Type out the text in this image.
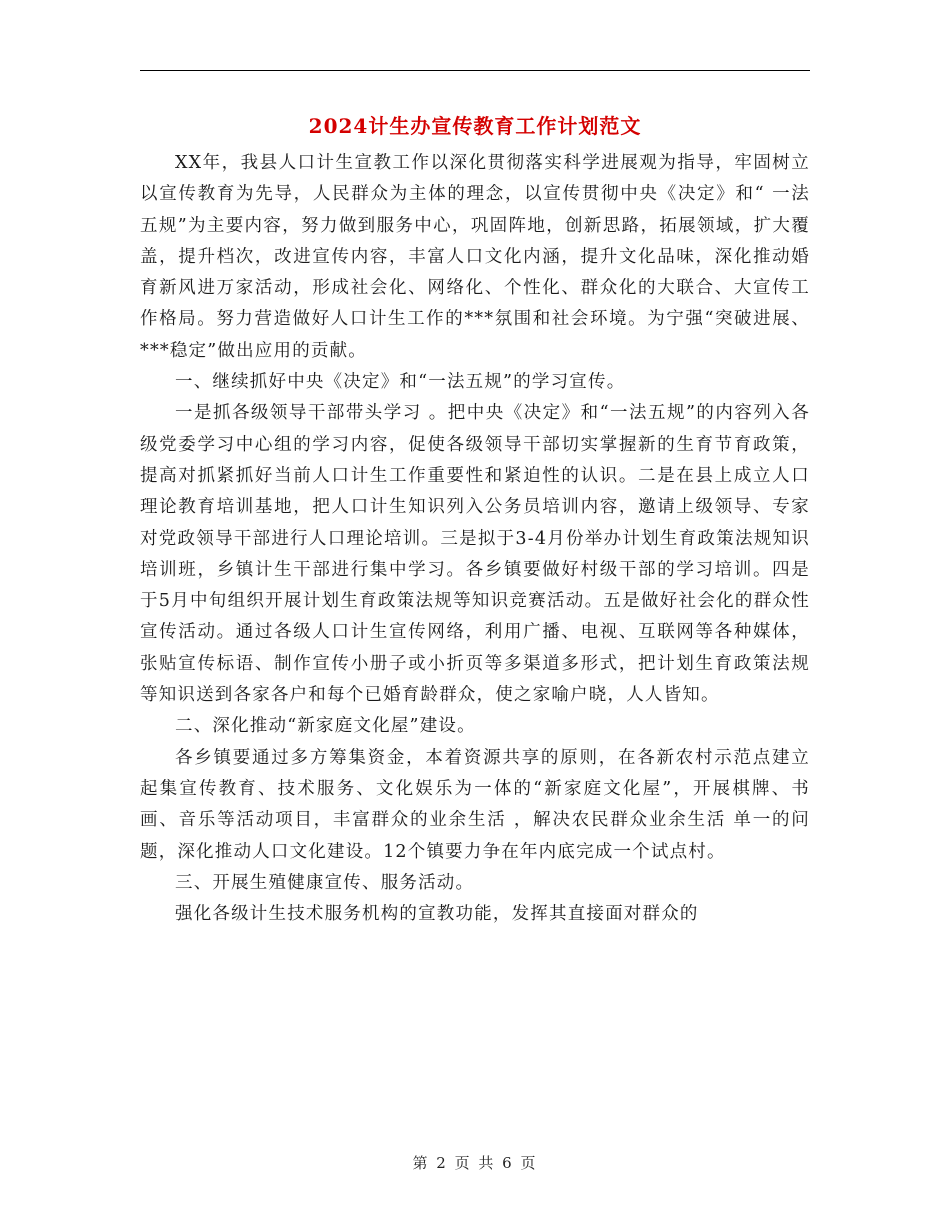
2024计生办宣传教育工作计划范文

XX年，我县人口计生宣教工作以深化贯彻落实科学进展观为指导，牢固树立以宣传教育为先导，人民群众为主体的理念，以宣传贯彻中央《决定》和“ 一法五规”为主要内容，努力做到服务中心，巩固阵地，创新思路，拓展领域，扩大覆盖，提升档次，改进宣传内容，丰富人口文化内涵，提升文化品味，深化推动婚育新风进万家活动，形成社会化、网络化、个性化、群众化的大联合、大宣传工作格局。努力营造做好人口计生工作的***氛围和社会环境。为宁强“突破进展、***稳定”做出应用的贡献。

一、继续抓好中央《决定》和“一法五规”的学习宣传。

一是抓各级领导干部带头学习 。把中央《决定》和“一法五规”的内容列入各级党委学习中心组的学习内容，促使各级领导干部切实掌握新的生育节育政策，提高对抓紧抓好当前人口计生工作重要性和紧迫性的认识。二是在县上成立人口理论教育培训基地，把人口计生知识列入公务员培训内容，邀请上级领导、专家对党政领导干部进行人口理论培训。三是拟于3-4月份举办计划生育政策法规知识培训班，乡镇计生干部进行集中学习。各乡镇要做好村级干部的学习培训。四是于5月中旬组织开展计划生育政策法规等知识竞赛活动。五是做好社会化的群众性宣传活动。通过各级人口计生宣传网络，利用广播、电视、互联网等各种媒体，张贴宣传标语、制作宣传小册子或小折页等多渠道多形式，把计划生育政策法规等知识送到各家各户和每个已婚育龄群众，使之家喻户晓，人人皆知。

二、深化推动“新家庭文化屋”建设。

各乡镇要通过多方筹集资金，本着资源共享的原则，在各新农村示范点建立起集宣传教育、技术服务、文化娱乐为一体的“新家庭文化屋”，开展棋牌、书画、音乐等活动项目，丰富群众的业余生活 ，解决农民群众业余生活 单一的问题，深化推动人口文化建设。12个镇要力争在年内底完成一个试点村。

三、开展生殖健康宣传、服务活动。

强化各级计生技术服务机构的宣教功能，发挥其直接面对群众的

第 2 页 共 6 页
